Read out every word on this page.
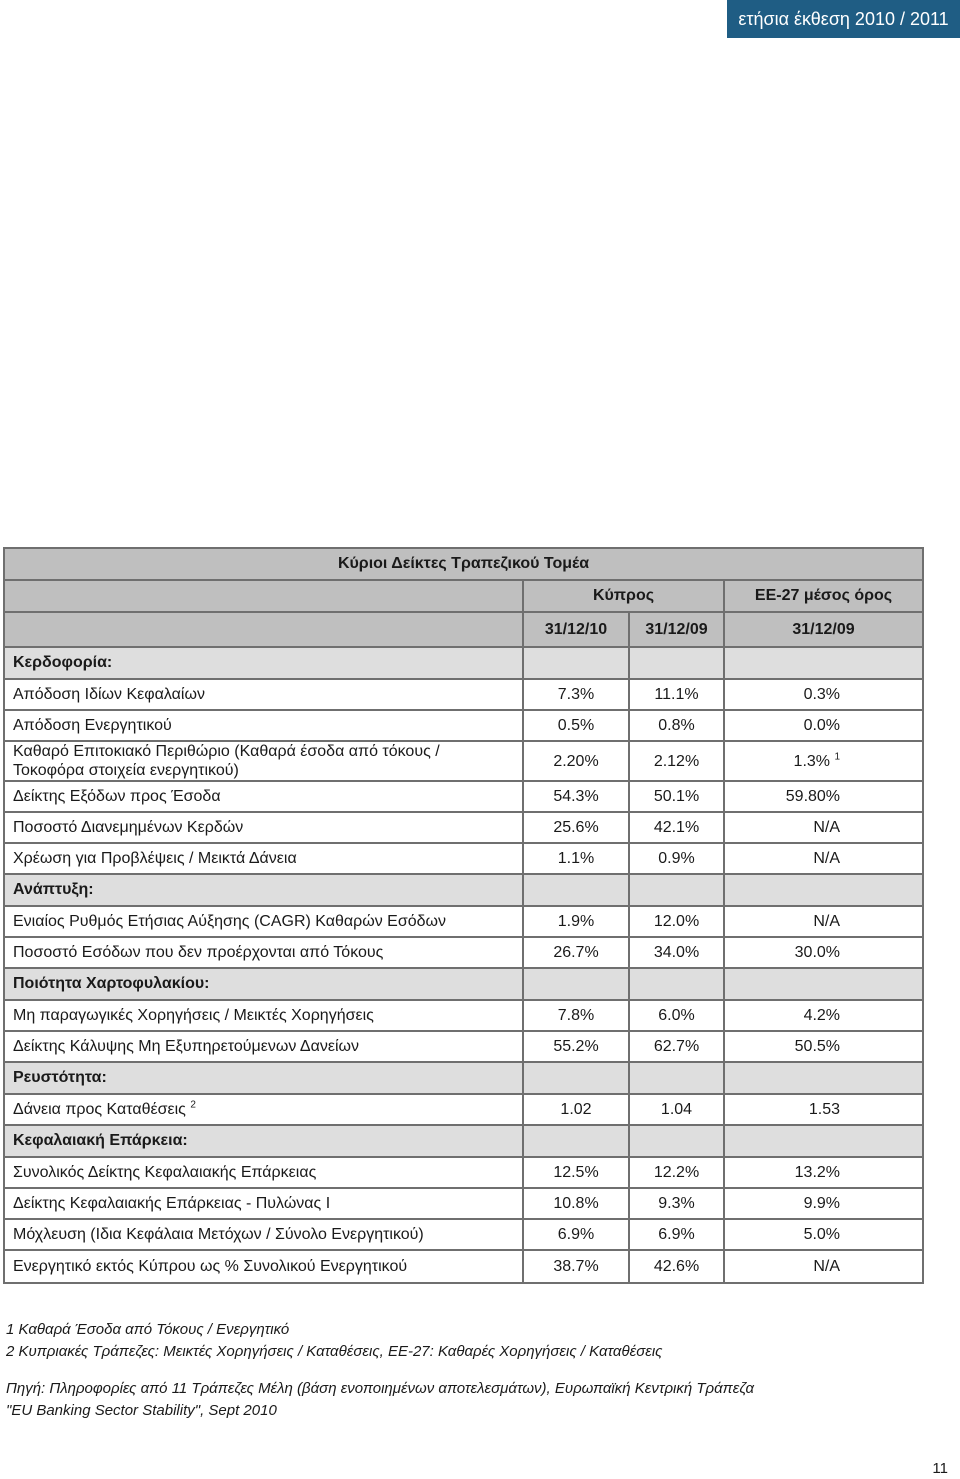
ετήσια έκθεση 2010 / 2011
Κύριοι Δείκτες Τραπεζικού Τομέα			
	Κύπρος		ΕΕ-27 μέσος όρος
	31/12/10	31/12/09	31/12/09
Κερδοφορία:			
Απόδοση Ιδίων Κεφαλαίων	7.3%	11.1%	0.3%
Απόδοση Ενεργητικού	0.5%	0.8%	0.0%
Καθαρό Επιτοκιακό Περιθώριο (Καθαρά έσοδα από τόκους /
Τοκοφόρα στοιχεία ενεργητικού)	2.20%	2.12%	1.3% $^1$
Δείκτης Εξόδων προς Έσοδα	54.3%	50.1%	59.80%
Ποσοστό Διανεμημένων Κερδών	25.6%	42.1%	N/A
Χρέωση για Προβλέψεις / Μεικτά Δάνεια	1.1%	0.9%	N/A
Ανάπτυξη:			
Ενιαίος Ρυθμός Ετήσιας Αύξησης (CAGR) Καθαρών Εσόδων	1.9%	12.0%	N/A
Ποσοστό Εσόδων που δεν προέρχονται από Τόκους	26.7%	34.0%	30.0%
Ποιότητα Χαρτοφυλακίου:			
Μη παραγωγικές Χορηγήσεις / Μεικτές Χορηγήσεις	7.8%	6.0%	4.2%
Δείκτης Κάλυψης Μη Εξυπηρετούμενων Δανείων	55.2%	62.7%	50.5%
Ρευστότητα:			
Δάνεια προς Καταθέσεις $^2$	1.02	1.04	1.53
Κεφαλαιακή Επάρκεια:			
Συνολικός Δείκτης Κεφαλαιακής Επάρκειας	12.5%	12.2%	13.2%
Δείκτης Κεφαλαιακής Επάρκειας - Πυλώνας Ι	10.8%	9.3%	9.9%
Μόχλευση (Ιδια Κεφάλαια Μετόχων / Σύνολο Ενεργητικού)	6.9%	6.9%	5.0%
Ενεργητικό εκτός Κύπρου ως % Συνολικού Ενεργητικού	38.7%	42.6%	N/A
1 Καθαρά Έσοδα από Τόκους / Ενεργητικό
2 Κυπριακές Τράπεζες: Μεικτές Χορηγήσεις / Καταθέσεις, ΕΕ-27: Καθαρές Χορηγήσεις / Καταθέσεις
Πηγή: Πληροφορίες από 11 Τράπεζες Μέλη (βάση ενοποιημένων αποτελεσμάτων), Ευρωπαϊκή Κεντρική Τράπεζα
"EU Banking Sector Stability", Sept 2010
11
